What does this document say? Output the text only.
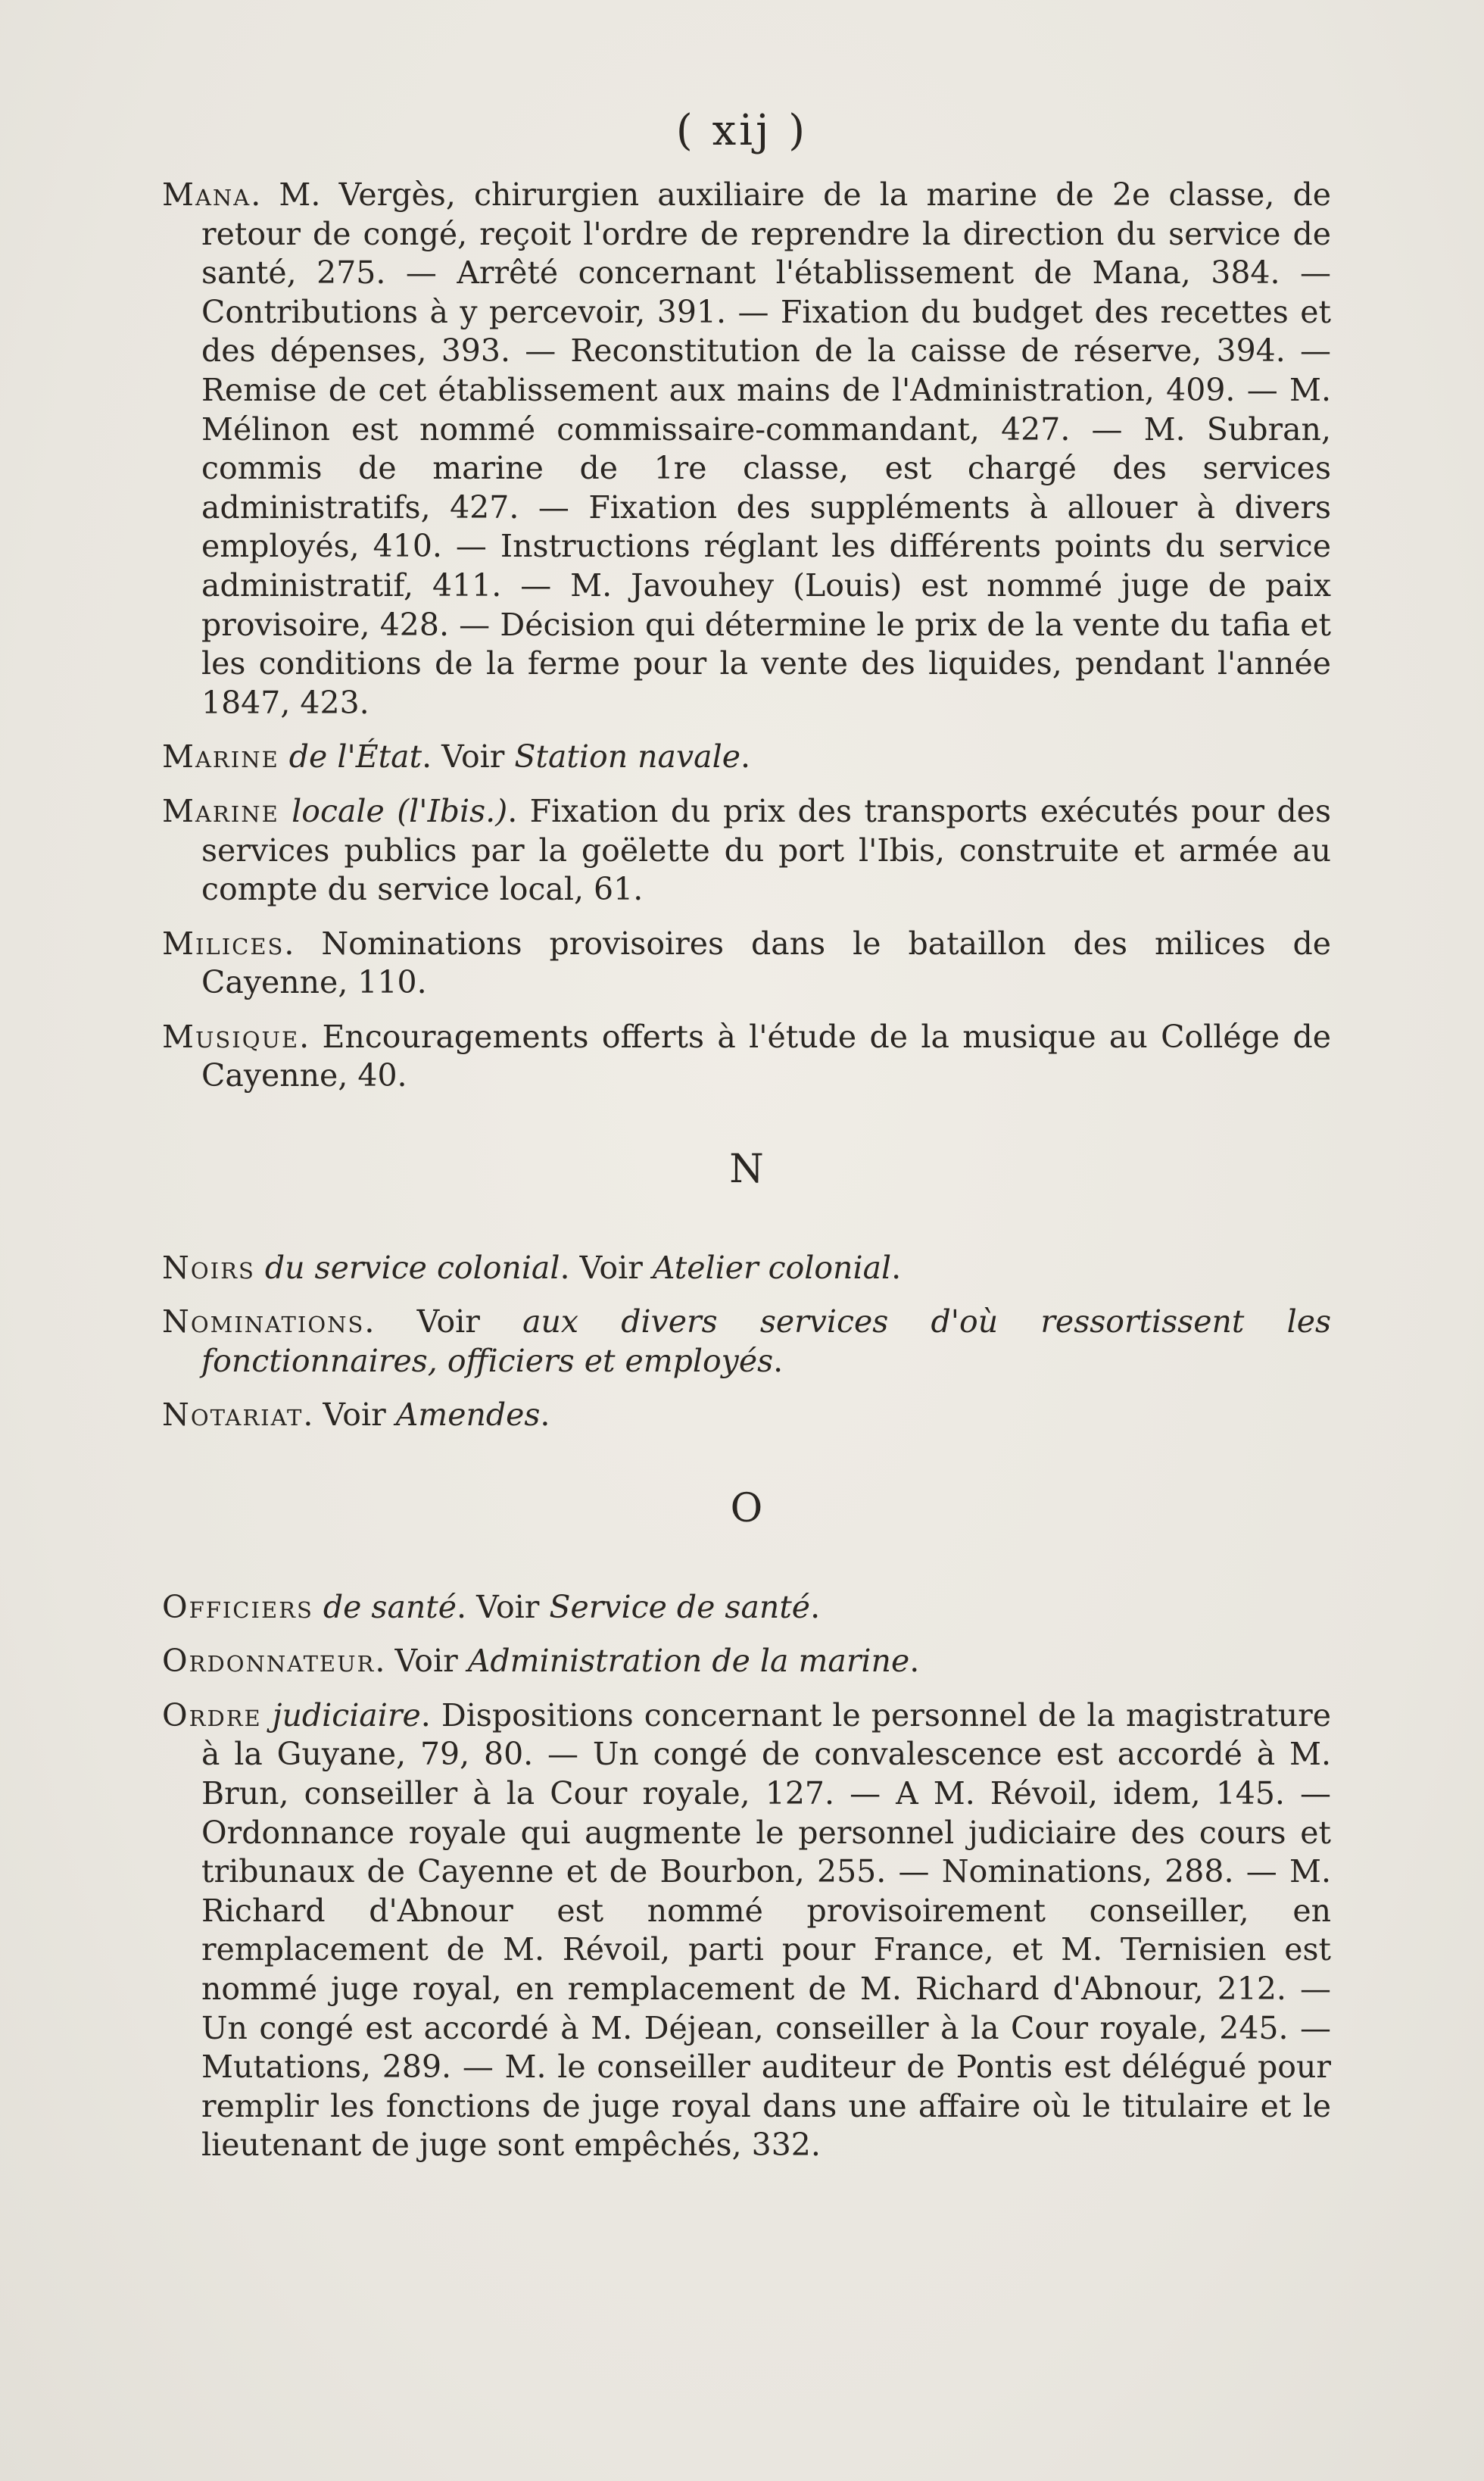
( xij )

Mana. M. Vergès, chirurgien auxiliaire de la marine de 2e classe, de retour de congé, reçoit l'ordre de reprendre la direction du service de santé, 275. — Arrêté concernant l'établissement de Mana, 384. — Contributions à y percevoir, 391. — Fixation du budget des recettes et des dépenses, 393. — Reconstitution de la caisse de réserve, 394. — Remise de cet établissement aux mains de l'Administration, 409. — M. Mélinon est nommé commissaire-commandant, 427. — M. Subran, commis de marine de 1re classe, est chargé des services administratifs, 427. — Fixation des suppléments à allouer à divers employés, 410. — Instructions réglant les différents points du service administratif, 411. — M. Javouhey (Louis) est nommé juge de paix provisoire, 428. — Décision qui détermine le prix de la vente du tafia et les conditions de la ferme pour la vente des liquides, pendant l'année 1847, 423.

Marine de l'État. Voir Station navale.

Marine locale (l'Ibis.). Fixation du prix des transports exécutés pour des services publics par la goëlette du port l'Ibis, construite et armée au compte du service local, 61.

Milices. Nominations provisoires dans le bataillon des milices de Cayenne, 110.

Musique. Encouragements offerts à l'étude de la musique au Collége de Cayenne, 40.

N

Noirs du service colonial. Voir Atelier colonial.

Nominations. Voir aux divers services d'où ressortissent les fonctionnaires, officiers et employés.

Notariat. Voir Amendes.

O

Officiers de santé. Voir Service de santé.

Ordonnateur. Voir Administration de la marine.

Ordre judiciaire. Dispositions concernant le personnel de la magistrature à la Guyane, 79, 80. — Un congé de convalescence est accordé à M. Brun, conseiller à la Cour royale, 127. — A M. Révoil, idem, 145. — Ordonnance royale qui augmente le personnel judiciaire des cours et tribunaux de Cayenne et de Bourbon, 255. — Nominations, 288. — M. Richard d'Abnour est nommé provisoirement conseiller, en remplacement de M. Révoil, parti pour France, et M. Ternisien est nommé juge royal, en remplacement de M. Richard d'Abnour, 212. — Un congé est accordé à M. Déjean, conseiller à la Cour royale, 245. — Mutations, 289. — M. le conseiller auditeur de Pontis est délégué pour remplir les fonctions de juge royal dans une affaire où le titulaire et le lieutenant de juge sont empêchés, 332.
